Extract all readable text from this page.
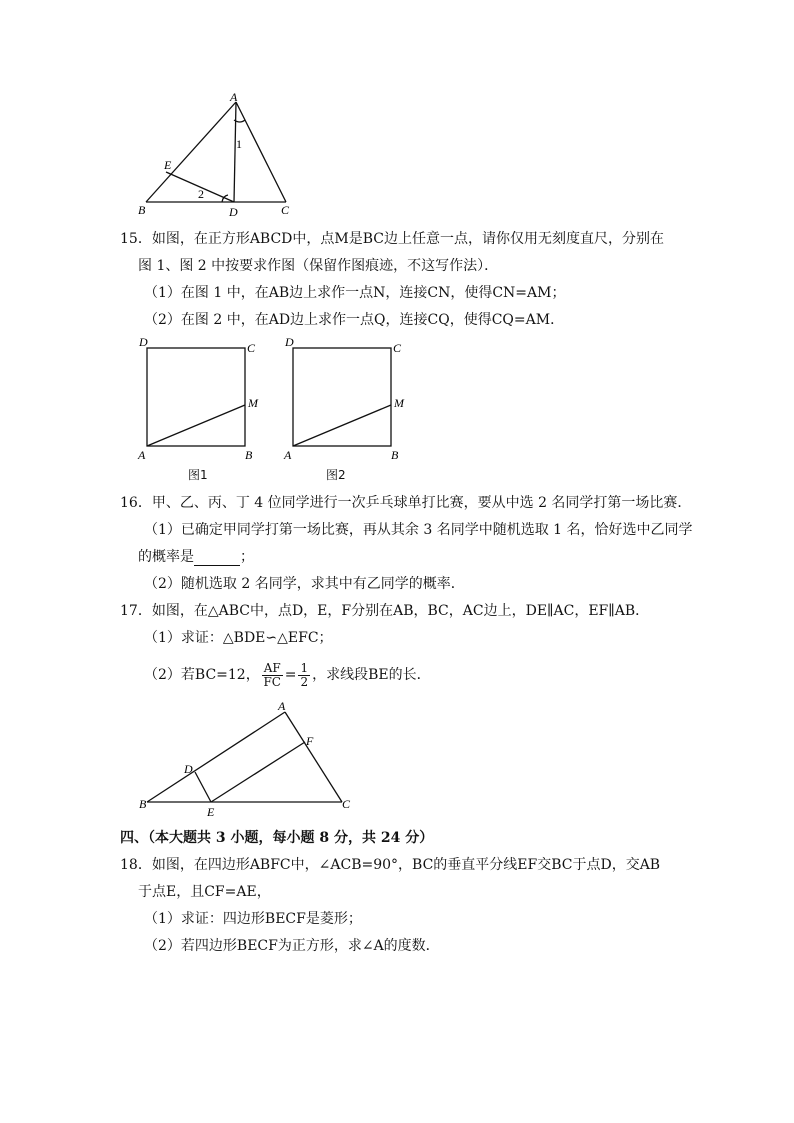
A
E
1
2
B	D	C
15．如图，在正方形ABCD中，点M是BC边上任意一点，请你仅用无刻度直尺，分别在
图 1、图 2 中按要求作图（保留作图痕迹，不这写作法）．
（1）在图 1 中，在AB边上求作一点N，连接CN，使得CN=AM；
（2）在图 2 中，在AD边上求作一点Q，连接CQ，使得CQ=AM．
D	C
M
A	B
图1
D	C
M
A	B
图2
16．甲、乙、丙、丁 4 位同学进行一次乒乓球单打比赛，要从中选 2 名同学打第一场比赛．
（1）已确定甲同学打第一场比赛，再从其余 3 名同学中随机选取 1 名，恰好选中乙同学
的概率是	；
（2）随机选取 2 名同学，求其中有乙同学的概率．
17．如图，在△ABC中，点D，E，F分别在AB，BC，AC边上，DE∥AC，EF∥AB．
（1）求证：△BDE∽△EFC；
（2）若BC=12， $\frac{AF}{FC} = \frac{1}{2}$ ，求线段BE的长．
A
F
D
B
E
C
四、（本大题共 3 小题，每小题 8 分，共 24 分）
18．如图，在四边形ABFC中，∠ACB=90°，BC的垂直平分线EF交BC于点D，交AB
于点E，且CF=AE，
（1）求证：四边形BECF是菱形；
（2）若四边形BECF为正方形，求∠A的度数．
